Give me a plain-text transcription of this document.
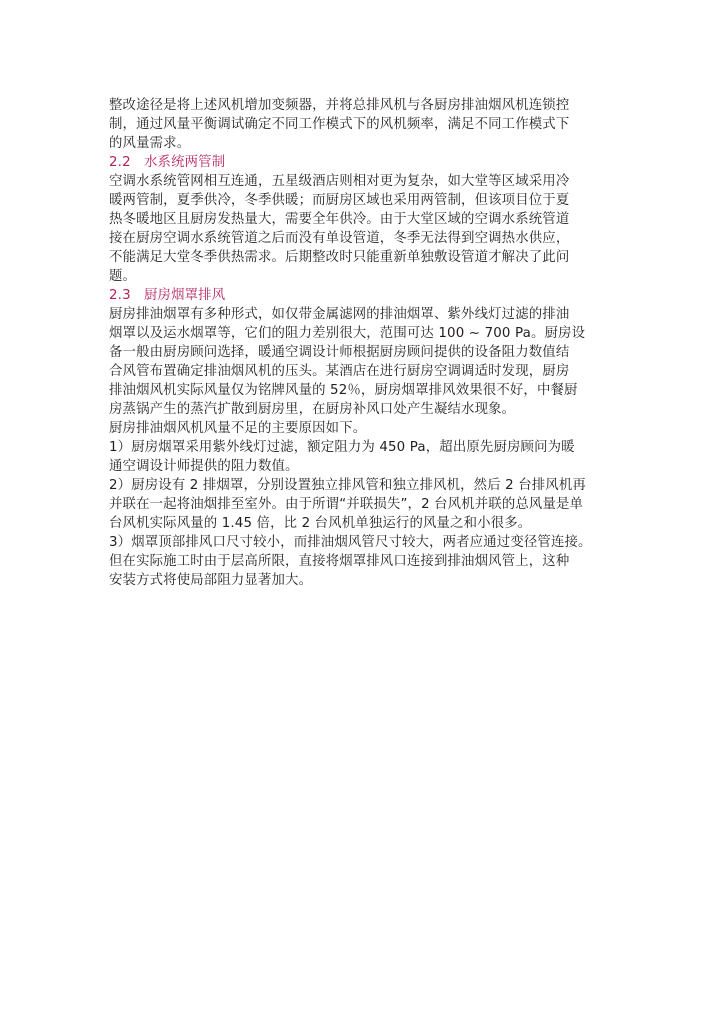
整改途径是将上述风机增加变频器，并将总排风机与各厨房排油烟风机连锁控
制，通过风量平衡调试确定不同工作模式下的风机频率，满足不同工作模式下
的风量需求。
2.2 水系统两管制
空调水系统管网相互连通，五星级酒店则相对更为复杂，如大堂等区域采用冷
暖两管制，夏季供冷，冬季供暖；而厨房区域也采用两管制，但该项目位于夏
热冬暖地区且厨房发热量大，需要全年供冷。由于大堂区域的空调水系统管道
接在厨房空调水系统管道之后而没有单设管道，冬季无法得到空调热水供应，
不能满足大堂冬季供热需求。后期整改时只能重新单独敷设管道才解决了此问
题。
2.3 厨房烟罩排风
厨房排油烟罩有多种形式，如仅带金属滤网的排油烟罩、紫外线灯过滤的排油
烟罩以及运水烟罩等，它们的阻力差别很大，范围可达 100 ~ 700 Pa。厨房设
备一般由厨房顾问选择，暖通空调设计师根据厨房顾问提供的设备阻力数值结
合风管布置确定排油烟风机的压头。某酒店在进行厨房空调调适时发现，厨房
排油烟风机实际风量仅为铭牌风量的 52％，厨房烟罩排风效果很不好，中餐厨
房蒸锅产生的蒸汽扩散到厨房里，在厨房补风口处产生凝结水现象。
厨房排油烟风机风量不足的主要原因如下。
1）厨房烟罩采用紫外线灯过滤，额定阻力为 450 Pa，超出原先厨房顾问为暖
通空调设计师提供的阻力数值。
2）厨房设有 2 排烟罩，分别设置独立排风管和独立排风机，然后 2 台排风机再
并联在一起将油烟排至室外。由于所谓“并联损失”，2 台风机并联的总风量是单
台风机实际风量的 1.45 倍，比 2 台风机单独运行的风量之和小很多。
3）烟罩顶部排风口尺寸较小，而排油烟风管尺寸较大，两者应通过变径管连接。
但在实际施工时由于层高所限，直接将烟罩排风口连接到排油烟风管上，这种
安装方式将使局部阻力显著加大。
